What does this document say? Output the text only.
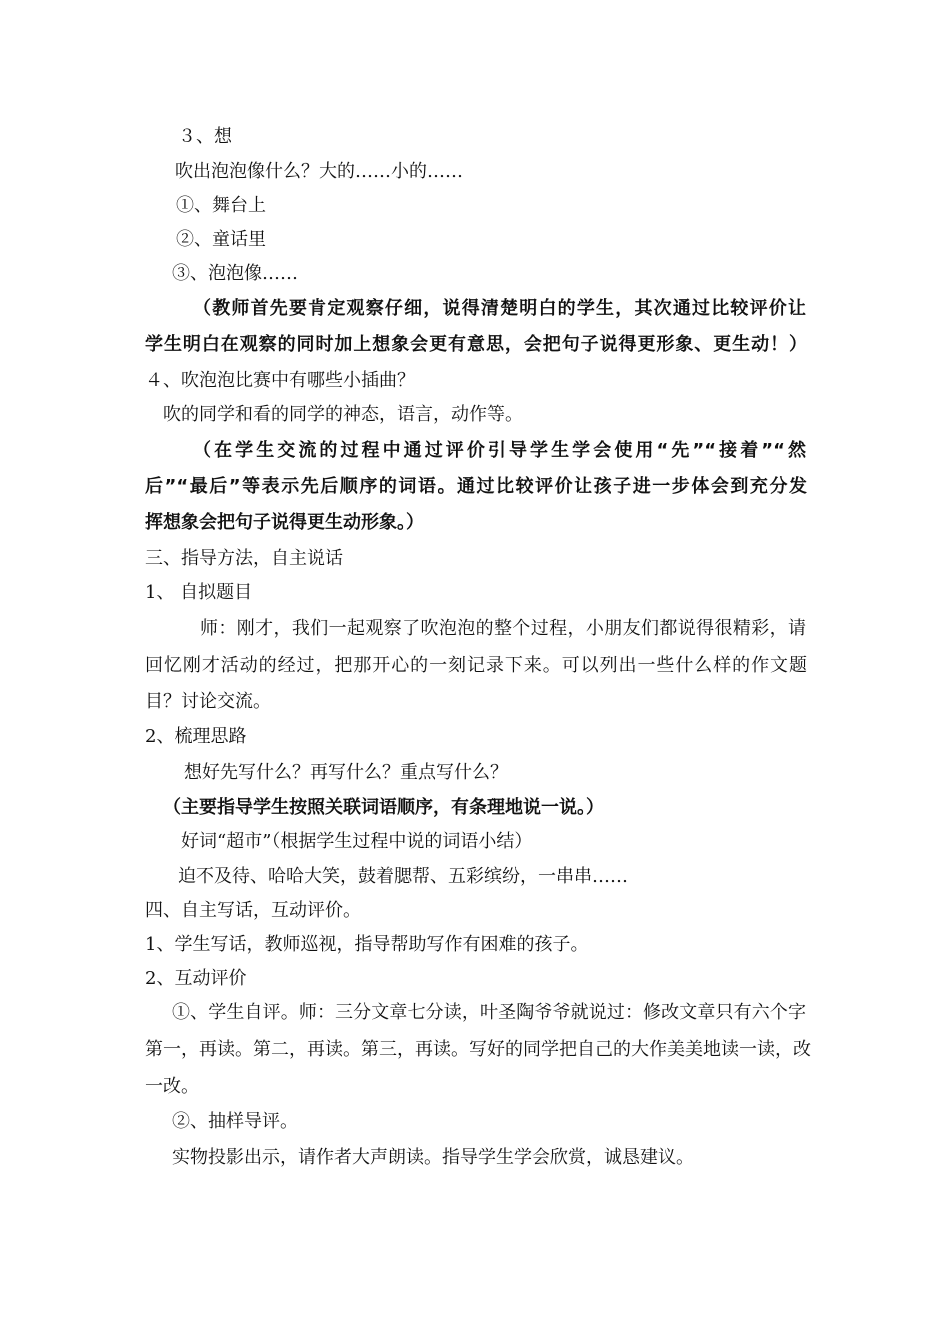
３、想
吹出泡泡像什么？大的……小的……
①、舞台上
②、童话里
③、泡泡像……
（教师首先要肯定观察仔细，说得清楚明白的学生，其次通过比较评价让
学生明白在观察的同时加上想象会更有意思，会把句子说得更形象、更生动！）
４、吹泡泡比赛中有哪些小插曲？
吹的同学和看的同学的神态，语言，动作等。
（在学生交流的过程中通过评价引导学生学会使用“先”“接着”“然
后”“最后”等表示先后顺序的词语。通过比较评价让孩子进一步体会到充分发
挥想象会把句子说得更生动形象。）
三、指导方法，自主说话
1、 自拟题目
师：刚才，我们一起观察了吹泡泡的整个过程，小朋友们都说得很精彩，请
回忆刚才活动的经过，把那开心的一刻记录下来。可以列出一些什么样的作文题
目？讨论交流。
2、梳理思路
想好先写什么？再写什么？重点写什么？
（主要指导学生按照关联词语顺序，有条理地说一说。）
好词“超市”（根据学生过程中说的词语小结）
迫不及待、哈哈大笑，鼓着腮帮、五彩缤纷，一串串……
四、自主写话，互动评价。
1、学生写话，教师巡视，指导帮助写作有困难的孩子。
2、互动评价
①、学生自评。师：三分文章七分读，叶圣陶爷爷就说过：修改文章只有六个字
第一，再读。第二，再读。第三，再读。写好的同学把自己的大作美美地读一读，改
一改。
②、抽样导评。
实物投影出示，请作者大声朗读。指导学生学会欣赏，诚恳建议。
